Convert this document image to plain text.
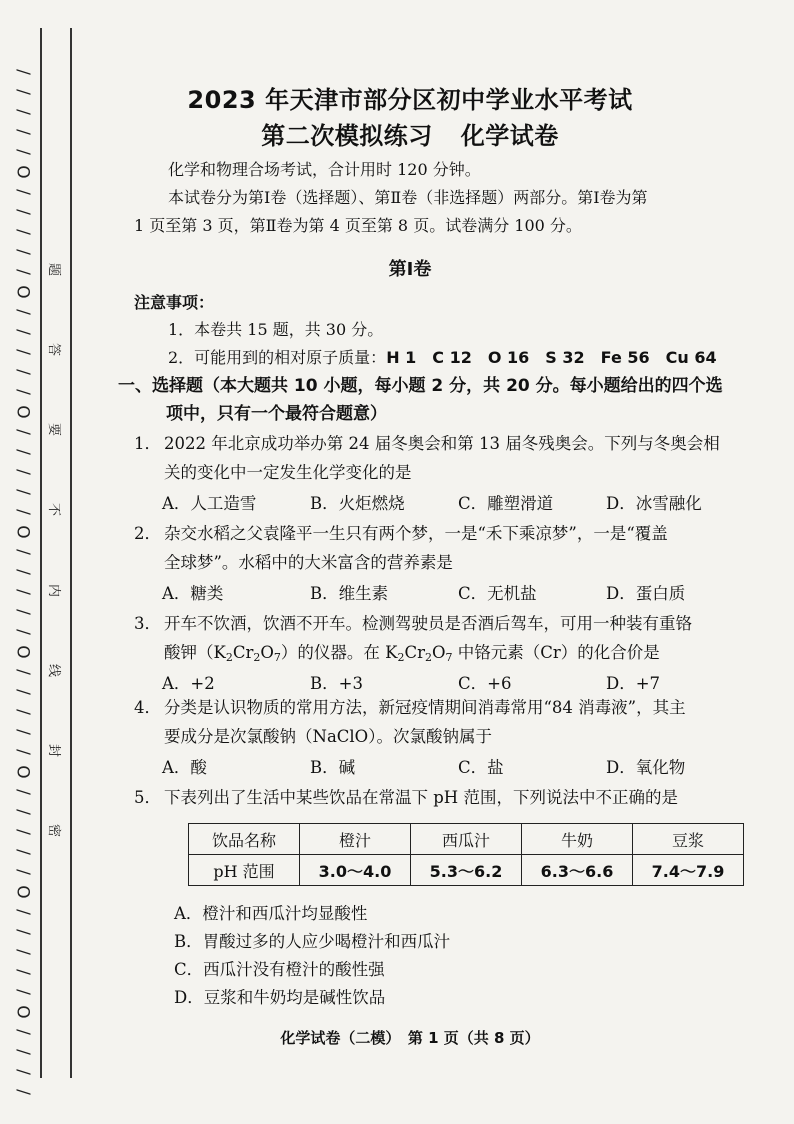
/
/
/
/
/
O
/
/
/
/
/
O
/
/
/
/
/
O
/
/
/
/
/
O
/
/
/
/
/
O
/
/
/
/
/
O
/
/
/
/
/
O
/
/
/
/
/
O
/
/
/
/
题
答
要
不
内
线
封
密
2023 年天津市部分区初中学业水平考试
第二次模拟练习 化学试卷
化学和物理合场考试，合计用时 120 分钟。
本试卷分为第Ⅰ卷（选择题）、第Ⅱ卷（非选择题）两部分。第Ⅰ卷为第
1 页至第 3 页，第Ⅱ卷为第 4 页至第 8 页。试卷满分 100 分。
第Ⅰ卷
注意事项：
1．本卷共 15 题，共 30 分。
2．可能用到的相对原子质量：H 1　C 12　O 16　S 32　Fe 56　Cu 64
一、选择题（本大题共 10 小题，每小题 2 分，共 20 分。每小题给出的四个选
项中，只有一个最符合题意）
1． 2022 年北京成功举办第 24 届冬奥会和第 13 届冬残奥会。下列与冬奥会相
关的变化中一定发生化学变化的是
A．人工造雪	B．火炬燃烧	C．雕塑滑道	D．冰雪融化
2． 杂交水稻之父袁隆平一生只有两个梦，一是“禾下乘凉梦”，一是“覆盖
全球梦”。水稻中的大米富含的营养素是
A．糖类	B．维生素	C．无机盐	D．蛋白质
3． 开车不饮酒，饮酒不开车。检测驾驶员是否酒后驾车，可用一种装有重铬
酸钾$(K_2Cr_2O_7)$的仪器。在 $K_2Cr_2O_7$ 中铬元素（Cr）的化合价是
A．+2	B．+3	C．+6	D．+7
4． 分类是认识物质的常用方法，新冠疫情期间消毒常用“84 消毒液”，其主
要成分是次氯酸钠（NaClO）。次氯酸钠属于
A．酸	B．碱	C．盐	D．氧化物
5． 下表列出了生活中某些饮品在常温下 pH 范围，下列说法中不正确的是
饮品名称	橙汁	西瓜汁	牛奶	豆浆
pH 范围	3.0～4.0	5.3～6.2	6.3～6.6	7.4～7.9
A．橙汁和西瓜汁均显酸性
B．胃酸过多的人应少喝橙汁和西瓜汁
C．西瓜汁没有橙汁的酸性强
D．豆浆和牛奶均是碱性饮品
化学试卷（二模）　第 1 页（共 8 页）
